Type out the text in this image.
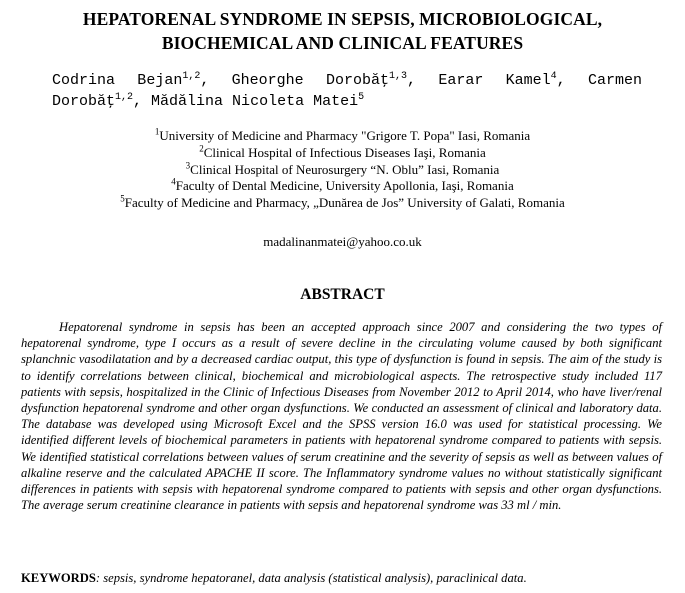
HEPATORENAL SYNDROME IN SEPSIS, MICROBIOLOGICAL,
BIOCHEMICAL AND CLINICAL FEATURES
Codrina Bejan$^{1,2}$, Gheorghe Dorobăţ$^{1,3}$, Earar Kamel$^4$, Carmen Dorobăţ$^{1,2}$, Mădălina Nicoleta Matei$^5$
$^1$University of Medicine and Pharmacy "Grigore T. Popa" Iasi, Romania
$^2$Clinical Hospital of Infectious Diseases Iaşi, Romania
$^3$Clinical Hospital of Neurosurgery “N. Oblu” Iasi, Romania
$^4$Faculty of Dental Medicine, University Apollonia, Iaşi, Romania
$^5$Faculty of Medicine and Pharmacy, „Dunărea de Jos” University of Galati, Romania
madalinanmatei@yahoo.co.uk
ABSTRACT
Hepatorenal syndrome in sepsis has been an accepted approach since 2007 and considering the two types of hepatorenal syndrome, type I occurs as a result of severe decline in the circulating volume caused by both significant splanchnic vasodilatation and by a decreased cardiac output, this type of dysfunction is found in sepsis. The aim of the study is to identify correlations between clinical, biochemical and microbiological aspects. The retrospective study included 117 patients with sepsis, hospitalized in the Clinic of Infectious Diseases from November 2012 to April 2014, who have liver/renal dysfunction hepatorenal syndrome and other organ dysfunctions. We conducted an assessment of clinical and laboratory data. The database was developed using Microsoft Excel and the SPSS version 16.0 was used for statistical processing. We identified different levels of biochemical parameters in patients with hepatorenal syndrome compared to patients with sepsis. We identified statistical correlations between values of serum creatinine and the severity of sepsis as well as between values of alkaline reserve and the calculated APACHE II score. The Inflammatory syndrome values no without statistically significant differences in patients with sepsis with hepatorenal syndrome compared to patients with sepsis and other organ dysfunctions. The average serum creatinine clearance in patients with sepsis and hepatorenal syndrome was 33 ml / min.
KEYWORDS: sepsis, syndrome hepatoranel, data analysis (statistical analysis), paraclinical data.
